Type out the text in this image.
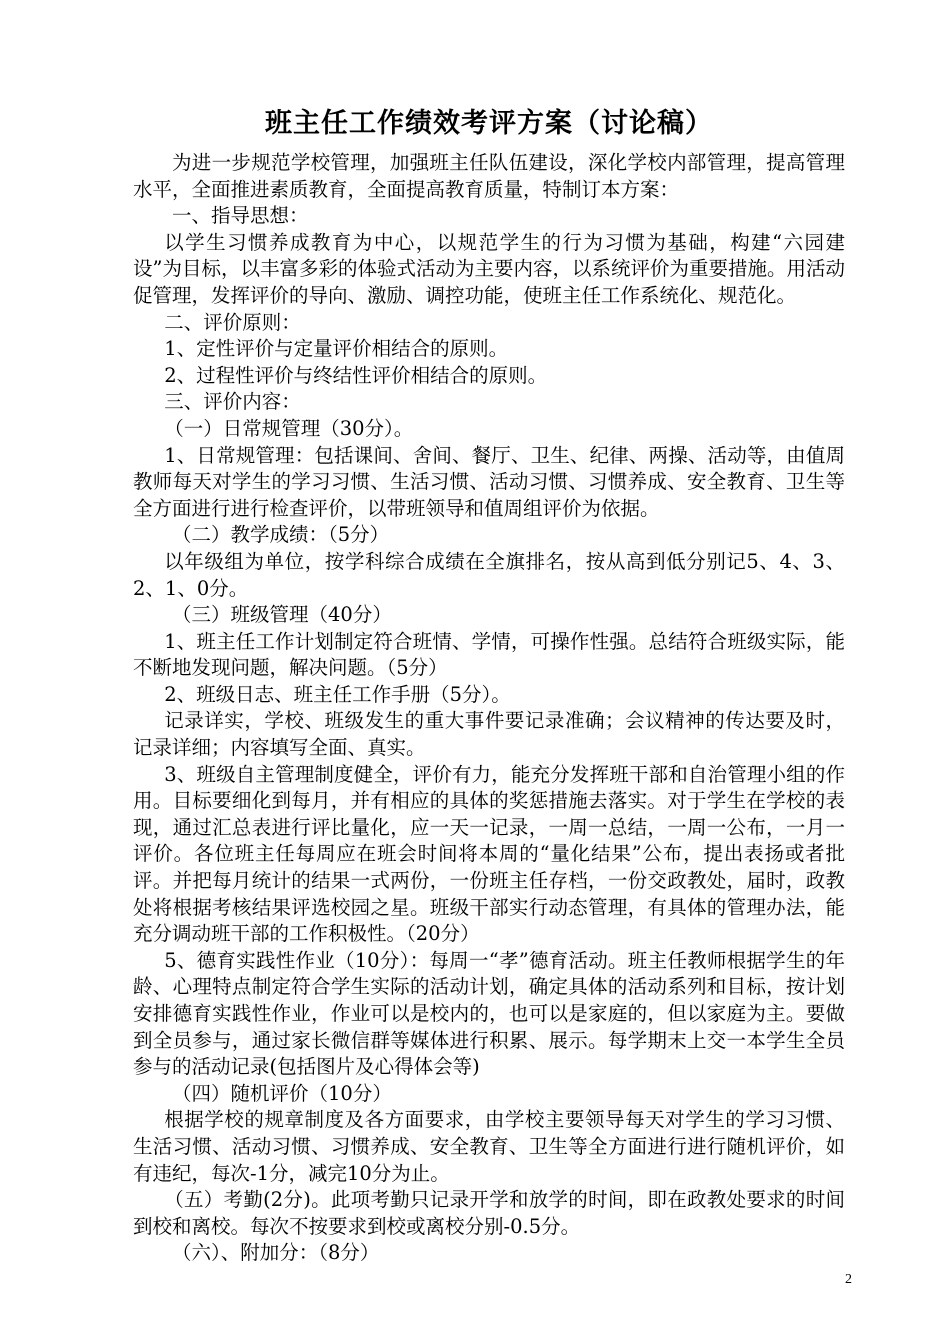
班主任工作绩效考评方案（讨论稿）

为进一步规范学校管理，加强班主任队伍建设，深化学校内部管理，提高管理水平，全面推进素质教育，全面提高教育质量，特制订本方案：

一、指导思想：

以学生习惯养成教育为中心，以规范学生的行为习惯为基础，构建“六园建设”为目标，以丰富多彩的体验式活动为主要内容，以系统评价为重要措施。用活动促管理，发挥评价的导向、激励、调控功能，使班主任工作系统化、规范化。

二、评价原则：

1、定性评价与定量评价相结合的原则。

2、过程性评价与终结性评价相结合的原则。

三、评价内容：

（一）日常规管理（30分）。

1、日常规管理：包括课间、舍间、餐厅、卫生、纪律、两操、活动等，由值周教师每天对学生的学习习惯、生活习惯、活动习惯、习惯养成、安全教育、卫生等全方面进行进行检查评价，以带班领导和值周组评价为依据。

（二）教学成绩：（5分）

以年级组为单位，按学科综合成绩在全旗排名，按从高到低分别记5、4、3、2、1、0分。

（三）班级管理（40分）

1、班主任工作计划制定符合班情、学情，可操作性强。总结符合班级实际，能不断地发现问题，解决问题。（5分）

2、班级日志、班主任工作手册（5分）。

记录详实，学校、班级发生的重大事件要记录准确；会议精神的传达要及时，记录详细；内容填写全面、真实。

3、班级自主管理制度健全，评价有力，能充分发挥班干部和自治管理小组的作用。目标要细化到每月，并有相应的具体的奖惩措施去落实。对于学生在学校的表现，通过汇总表进行评比量化，应一天一记录，一周一总结，一周一公布，一月一评价。各位班主任每周应在班会时间将本周的“量化结果”公布，提出表扬或者批评。并把每月统计的结果一式两份，一份班主任存档，一份交政教处，届时，政教处将根据考核结果评选校园之星。班级干部实行动态管理，有具体的管理办法，能充分调动班干部的工作积极性。（20分）

5、德育实践性作业（10分）：每周一“孝”德育活动。班主任教师根据学生的年龄、心理特点制定符合学生实际的活动计划，确定具体的活动系列和目标，按计划安排德育实践性作业，作业可以是校内的，也可以是家庭的，但以家庭为主。要做到全员参与，通过家长微信群等媒体进行积累、展示。每学期末上交一本学生全员参与的活动记录(包括图片及心得体会等)

（四）随机评价（10分）

根据学校的规章制度及各方面要求，由学校主要领导每天对学生的学习习惯、生活习惯、活动习惯、习惯养成、安全教育、卫生等全方面进行进行随机评价，如有违纪，每次-1分，减完10分为止。

（五）考勤(2分)。此项考勤只记录开学和放学的时间，即在政教处要求的时间到校和离校。每次不按要求到校或离校分别-0.5分。

（六）、附加分：（8分）

2
